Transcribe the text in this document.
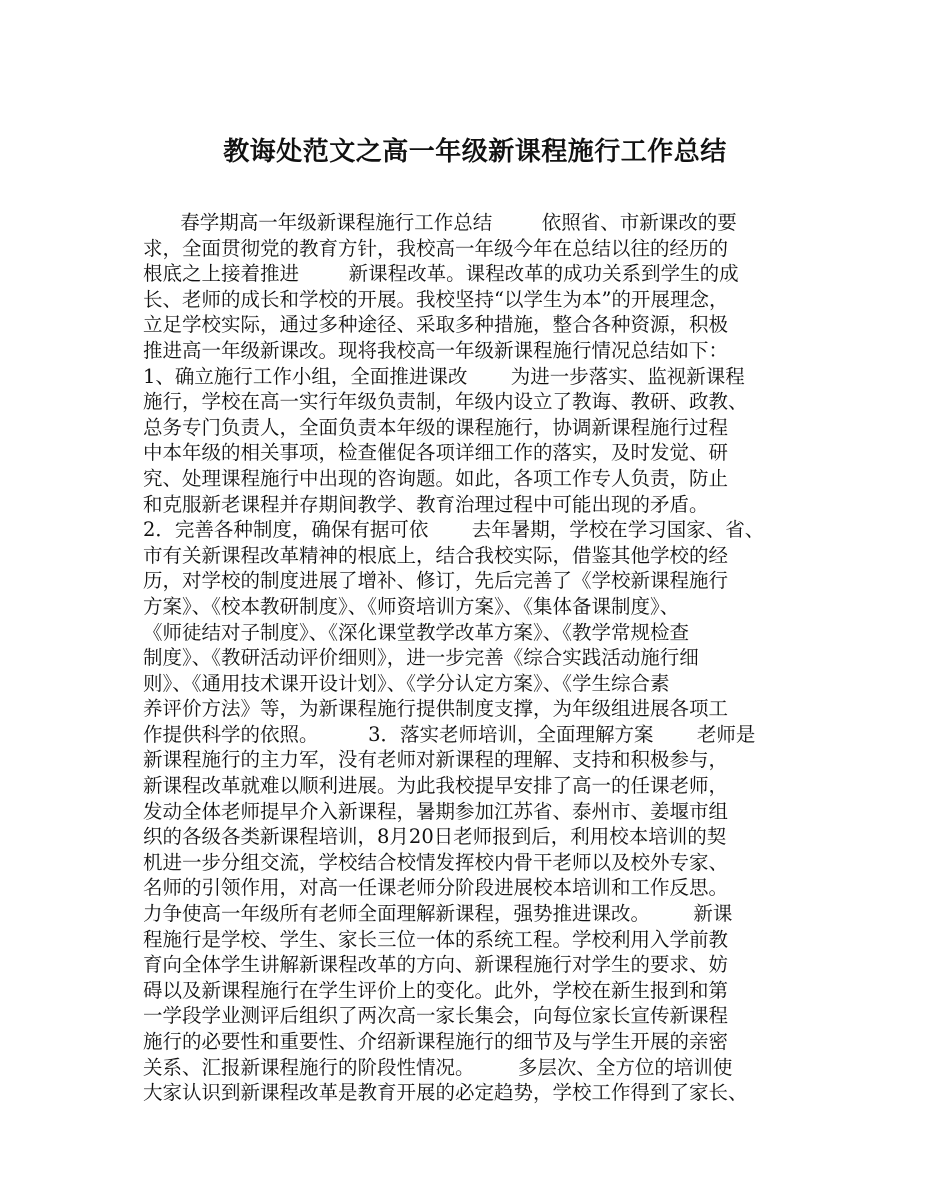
教诲处范文之高一年级新课程施行工作总结
春学期高一年级新课程施行工作总结        依照省、市新课改的要
求，全面贯彻党的教育方针，我校高一年级今年在总结以往的经历的
根底之上接着推进        新课程改革。课程改革的成功关系到学生的成
长、老师的成长和学校的开展。我校坚持“以学生为本”的开展理念，
立足学校实际，通过多种途径、采取多种措施，整合各种资源，积极
推进高一年级新课改。现将我校高一年级新课程施行情况总结如下：
1、确立施行工作小组，全面推进课改       为进一步落实、监视新课程
施行，学校在高一实行年级负责制，年级内设立了教诲、教研、政教、
总务专门负责人，全面负责本年级的课程施行，协调新课程施行过程
中本年级的相关事项，检查催促各项详细工作的落实，及时发觉、研
究、处理课程施行中出现的咨询题。如此，各项工作专人负责，防止
和克服新老课程并存期间教学、教育治理过程中可能出现的矛盾。
2．完善各种制度，确保有据可依       去年暑期，学校在学习国家、省、
市有关新课程改革精神的根底上，结合我校实际，借鉴其他学校的经
历，对学校的制度进展了增补、修订，先后完善了《学校新课程施行
方案》、《校本教研制度》、《师资培训方案》、《集体备课制度》、
《师徒结对子制度》、《深化课堂教学改革方案》、《教学常规检查
制度》、《教研活动评价细则》，进一步完善《综合实践活动施行细
则》、《通用技术课开设计划》、《学分认定方案》、《学生综合素
养评价方法》等，为新课程施行提供制度支撑，为年级组进展各项工
作提供科学的依照。        3．落实老师培训，全面理解方案       老师是
新课程施行的主力军，没有老师对新课程的理解、支持和积极参与，
新课程改革就难以顺利进展。为此我校提早安排了高一的任课老师，
发动全体老师提早介入新课程，暑期参加江苏省、泰州市、姜堰市组
织的各级各类新课程培训，8月20日老师报到后，利用校本培训的契
机进一步分组交流，学校结合校情发挥校内骨干老师以及校外专家、
名师的引领作用，对高一任课老师分阶段进展校本培训和工作反思。
力争使高一年级所有老师全面理解新课程，强势推进课改。       新课
程施行是学校、学生、家长三位一体的系统工程。学校利用入学前教
育向全体学生讲解新课程改革的方向、新课程施行对学生的要求、妨
碍以及新课程施行在学生评价上的变化。此外，学校在新生报到和第
一学段学业测评后组织了两次高一家长集会，向每位家长宣传新课程
施行的必要性和重要性、介绍新课程施行的细节及与学生开展的亲密
关系、汇报新课程施行的阶段性情况。       多层次、全方位的培训使
大家认识到新课程改革是教育开展的必定趋势，学校工作得到了家长、
